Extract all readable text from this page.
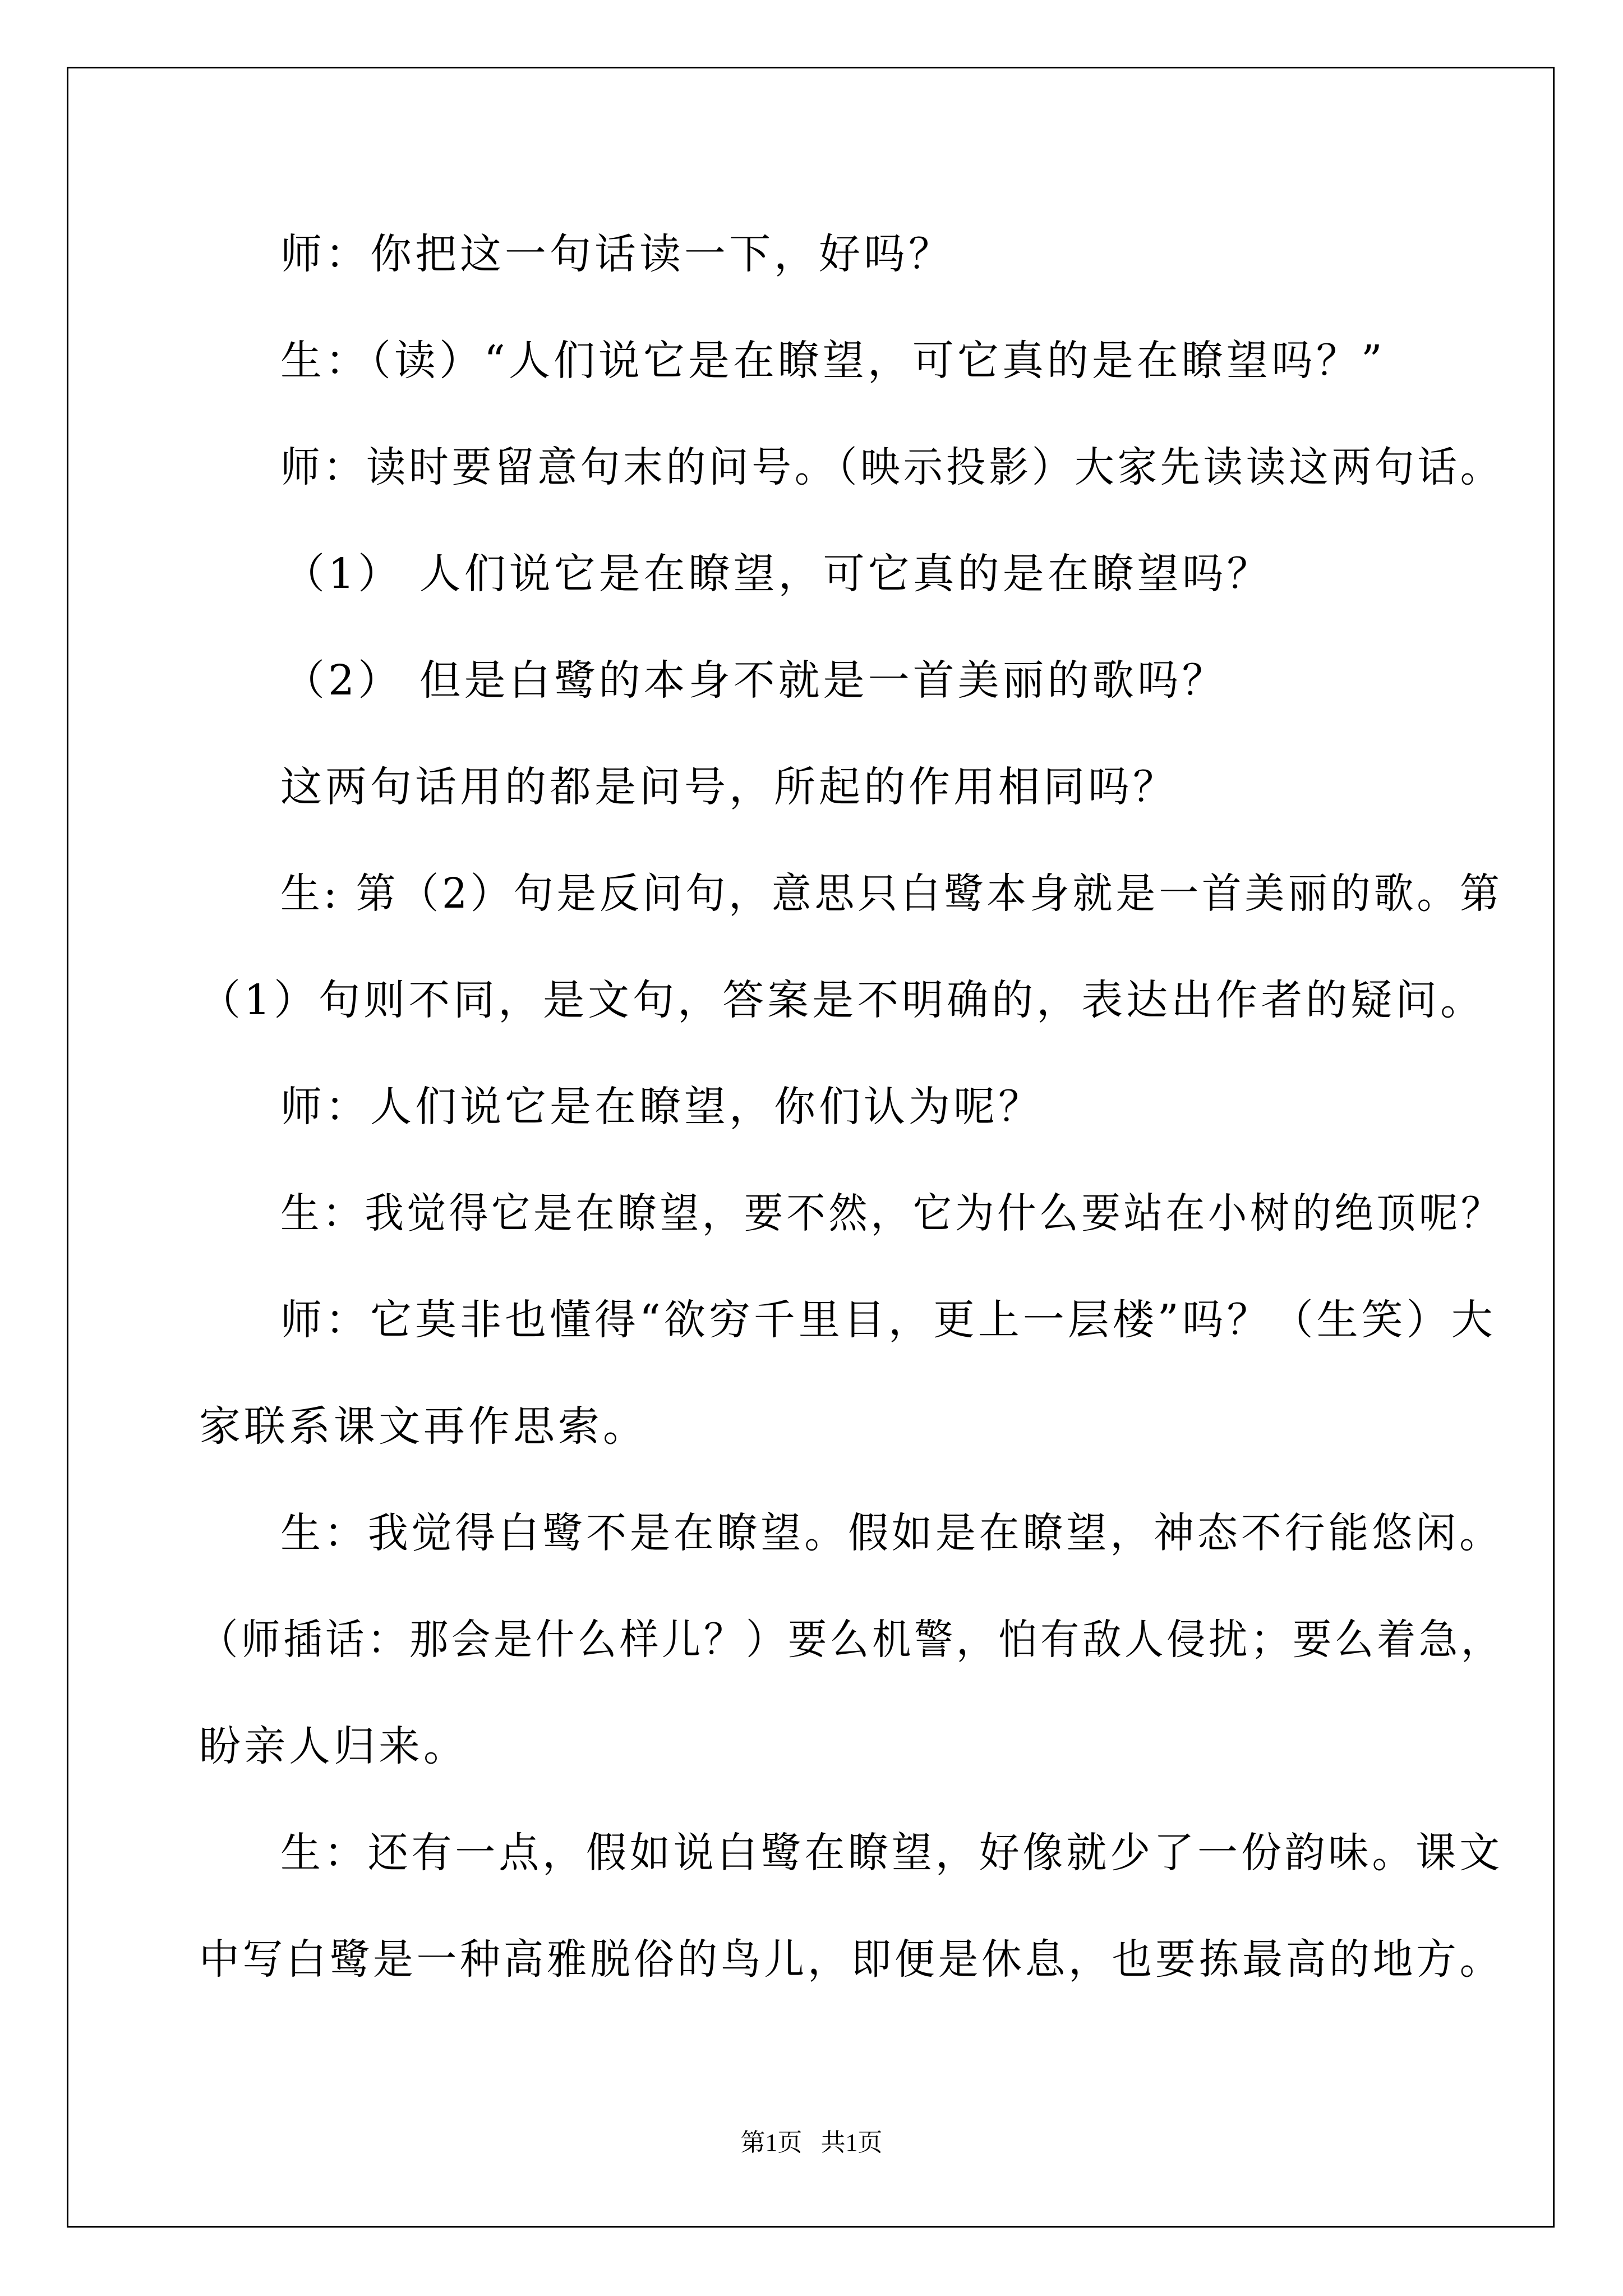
师：你把这一句话读一下，好吗？
生：（读）“人们说它是在瞭望，可它真的是在瞭望吗？”
师：读时要留意句末的问号。（映示投影）大家先读读这两句话。
（1） 人们说它是在瞭望，可它真的是在瞭望吗？
（2） 但是白鹭的本身不就是一首美丽的歌吗？
这两句话用的都是问号，所起的作用相同吗？
生: 第（2）句是反问句，意思只白鹭本身就是一首美丽的歌。第
（1）句则不同，是文句，答案是不明确的，表达出作者的疑问。
师：人们说它是在瞭望，你们认为呢？
生：我觉得它是在瞭望，要不然，它为什么要站在小树的绝顶呢？
师：它莫非也懂得“欲穷千里目，更上一层楼”吗？（生笑）大
家联系课文再作思索。
生：我觉得白鹭不是在瞭望。假如是在瞭望，神态不行能悠闲。
（师插话：那会是什么样儿？）要么机警，怕有敌人侵扰；要么着急，
盼亲人归来。
生：还有一点，假如说白鹭在瞭望，好像就少了一份韵味。课文
中写白鹭是一种高雅脱俗的鸟儿，即便是休息，也要拣最高的地方。
第1页   共1页
